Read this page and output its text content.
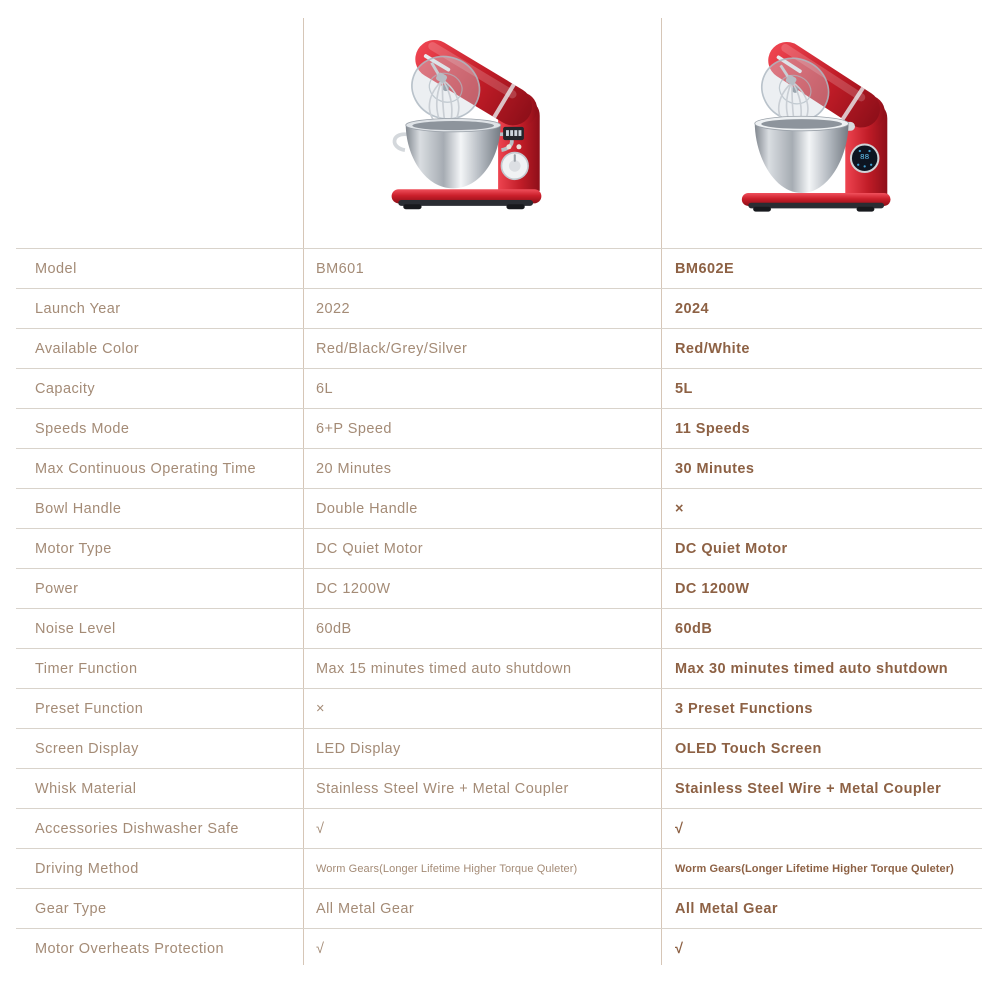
88
Model	BM601	BM602E
Launch Year	2022	2024
Available Color	Red/Black/Grey/Silver	Red/White
Capacity	6L	5L
Speeds Mode	6+P Speed	11 Speeds
Max Continuous Operating Time	20 Minutes	30 Minutes
Bowl Handle	Double Handle	×
Motor Type	DC Quiet Motor	DC Quiet Motor
Power	DC 1200W	DC 1200W
Noise Level	60dB	60dB
Timer Function	Max 15 minutes timed auto shutdown	Max 30 minutes timed auto shutdown
Preset Function	×	3 Preset Functions
Screen Display	LED Display	OLED Touch Screen
Whisk Material	Stainless Steel Wire + Metal Coupler	Stainless Steel Wire + Metal Coupler
Accessories Dishwasher Safe	√	√
Driving Method	Worm Gears(Longer Lifetime Higher Torque Quleter)	Worm Gears(Longer Lifetime Higher Torque Quleter)
Gear Type	All Metal Gear	All Metal Gear
Motor Overheats Protection	√	√
